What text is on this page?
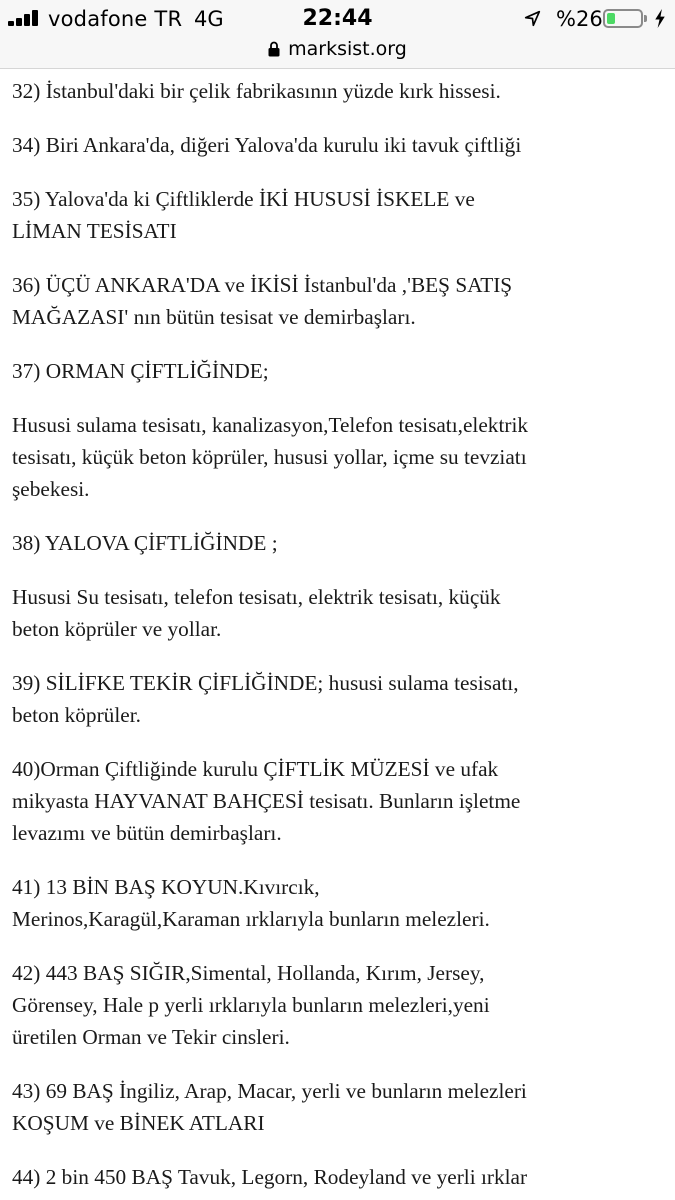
vodafone TR 4G	22:44	%26
marksist.org
32) İstanbul'daki bir çelik fabrikasının yüzde kırk hissesi.
34) Biri Ankara'da, diğeri Yalova'da kurulu iki tavuk çiftliği
35) Yalova'da ki Çiftliklerde İKİ HUSUSİ İSKELE ve
LİMAN TESİSATI
36) ÜÇÜ ANKARA'DA ve İKİSİ İstanbul'da ,'BEŞ SATIŞ
MAĞAZASI' nın bütün tesisat ve demirbaşları.
37) ORMAN ÇİFTLİĞİNDE;
Hususi sulama tesisatı, kanalizasyon,Telefon tesisatı,elektrik
tesisatı, küçük beton köprüler, hususi yollar, içme su tevziatı
şebekesi.
38) YALOVA ÇİFTLİĞİNDE ;
Hususi Su tesisatı, telefon tesisatı, elektrik tesisatı, küçük
beton köprüler ve yollar.
39) SİLİFKE TEKİR ÇİFLİĞİNDE; hususi sulama tesisatı,
beton köprüler.
40)Orman Çiftliğinde kurulu ÇİFTLİK MÜZESİ ve ufak
mikyasta HAYVANAT BAHÇESİ tesisatı. Bunların işletme
levazımı ve bütün demirbaşları.
41) 13 BİN BAŞ KOYUN.Kıvırcık,
Merinos,Karagül,Karaman ırklarıyla bunların melezleri.
42) 443 BAŞ SIĞIR,Simental, Hollanda, Kırım, Jersey,
Görensey, Hale p yerli ırklarıyla bunların melezleri,yeni
üretilen Orman ve Tekir cinsleri.
43) 69 BAŞ İngiliz, Arap, Macar, yerli ve bunların melezleri
KOŞUM ve BİNEK ATLARI
44) 2 bin 450 BAŞ Tavuk, Legorn, Rodeyland ve yerli ırklar
